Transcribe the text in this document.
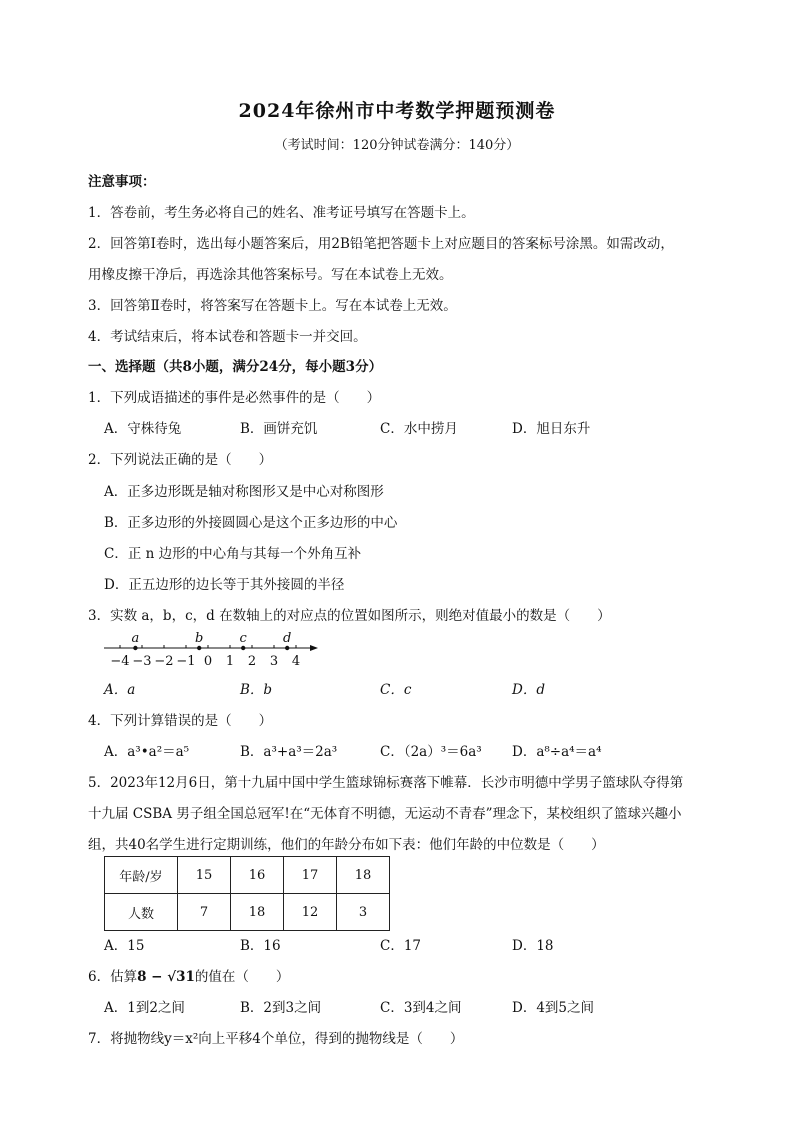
2024年徐州市中考数学押题预测卷
（考试时间：120分钟试卷满分：140分）
注意事项：
1．答卷前，考生务必将自己的姓名、准考证号填写在答题卡上。
2．回答第Ⅰ卷时，选出每小题答案后，用2B铅笔把答题卡上对应题目的答案标号涂黑。如需改动，
用橡皮擦干净后，再选涂其他答案标号。写在本试卷上无效。
3．回答第Ⅱ卷时，将答案写在答题卡上。写在本试卷上无效。
4．考试结束后，将本试卷和答题卡一并交回。
一、选择题（共8小题，满分24分，每小题3分）
1．下列成语描述的事件是必然事件的是（　　）
A．守株待兔	B．画饼充饥	C．水中捞月	D．旭日东升
2．下列说法正确的是（　　）
A．正多边形既是轴对称图形又是中心对称图形
B．正多边形的外接圆圆心是这个正多边形的中心
C．正 n 边形的中心角与其每一个外角互补
D．正五边形的边长等于其外接圆的半径
3．实数 a，b，c，d 在数轴上的对应点的位置如图所示，则绝对值最小的数是（　　）
−4 −3 −2 −1 0 1 2 3 4
a	b	c	d
A．a	B．b	C．c	D．d
4．下列计算错误的是（　　）
A．a³•a²＝a⁵	B．a³+a³＝2a³	C．（2a）³＝6a³ D．a⁸÷a⁴＝a⁴
5．2023年12月6日，第十九届中国中学生篮球锦标赛落下帷幕．长沙市明德中学男子篮球队夺得第
十九届 CSBA 男子组全国总冠军!在“无体育不明德，无运动不青春”理念下，某校组织了篮球兴趣小
组，共40名学生进行定期训练，他们的年龄分布如下表：他们年龄的中位数是（　　）
年龄/岁	15	16	17	18
人数	7	18	12	3
A．15	B．16	C．17	D．18
6．估算8 − √31的值在（　　）
A．1到2之间	B．2到3之间	C．3到4之间	D．4到5之间
7．将抛物线y＝x²向上平移4个单位，得到的抛物线是（　　）
